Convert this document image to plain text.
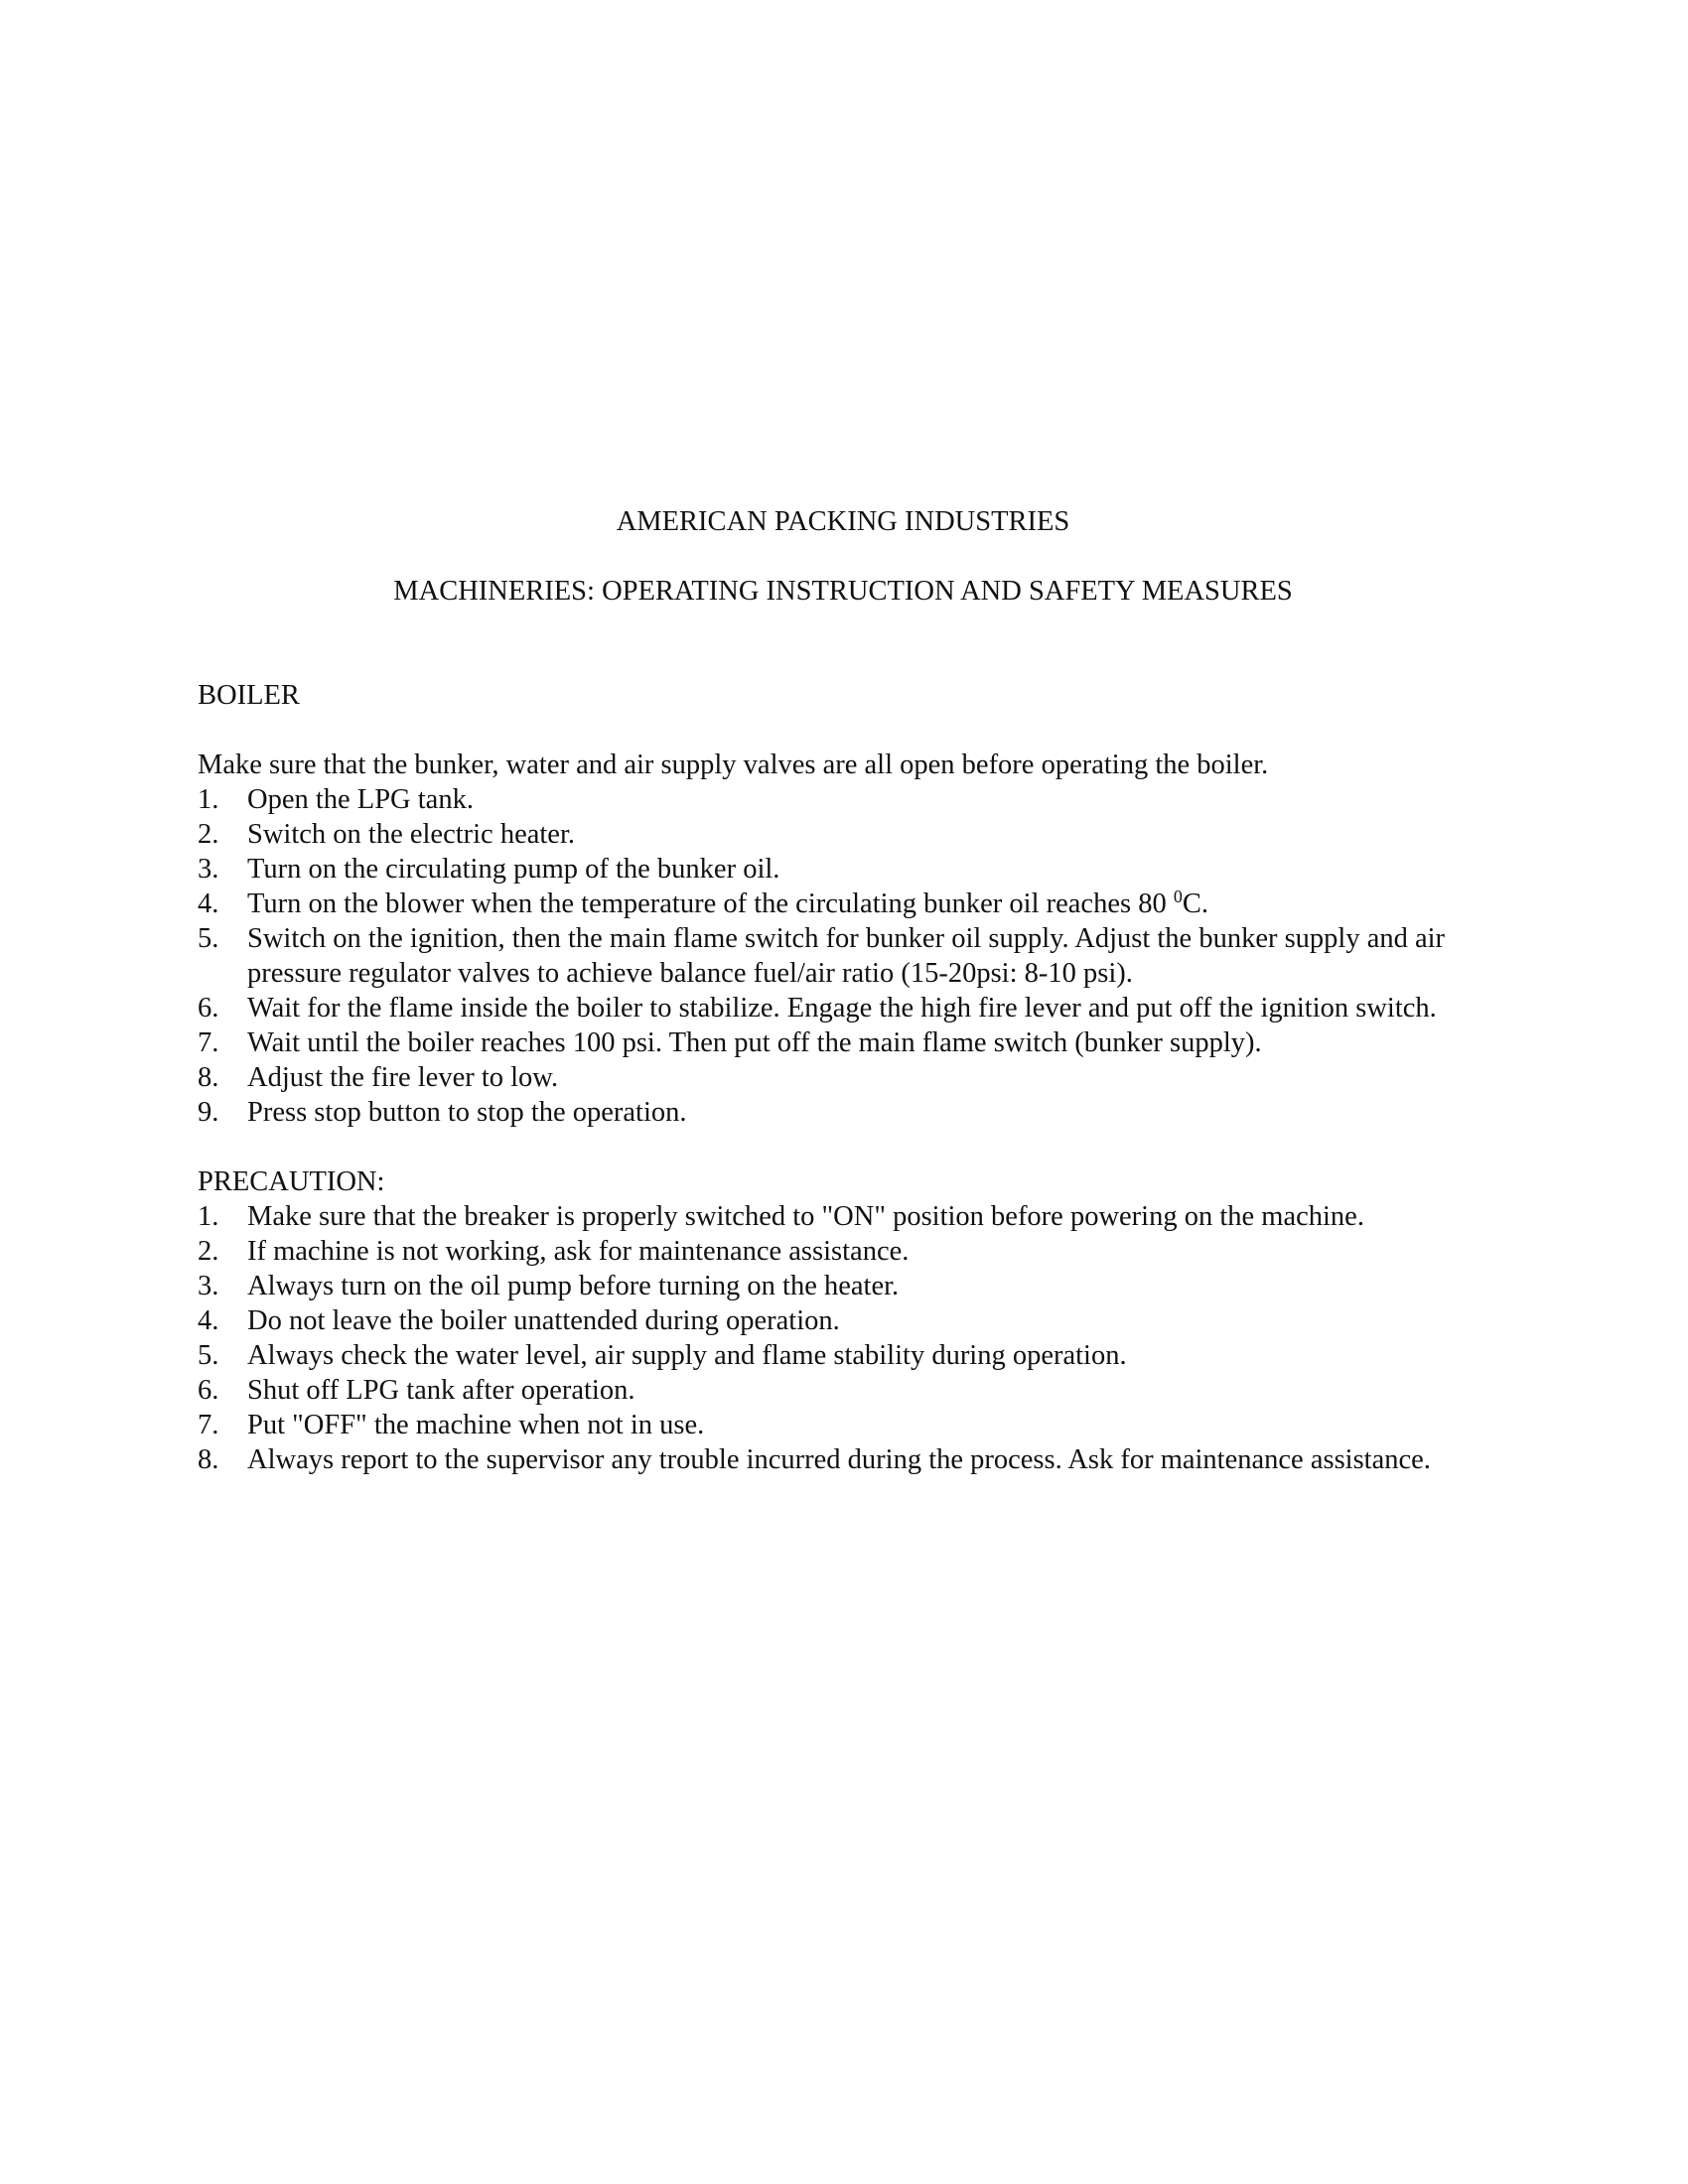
AMERICAN PACKING INDUSTRIES
MACHINERIES: OPERATING INSTRUCTION AND SAFETY MEASURES
BOILER
Make sure that the bunker, water and air supply valves are all open before operating the boiler.
1. Open the LPG tank.
2. Switch on the electric heater.
3. Turn on the circulating pump of the bunker oil.
4. Turn on the blower when the temperature of the circulating bunker oil reaches 80 $^0$C.
5. Switch on the ignition, then the main flame switch for bunker oil supply. Adjust the bunker supply and air pressure regulator valves to achieve balance fuel/air ratio (15-20psi: 8-10 psi).
6. Wait for the flame inside the boiler to stabilize. Engage the high fire lever and put off the ignition switch.
7. Wait until the boiler reaches 100 psi. Then put off the main flame switch (bunker supply).
8. Adjust the fire lever to low.
9. Press stop button to stop the operation.
PRECAUTION:
1. Make sure that the breaker is properly switched to "ON" position before powering on the machine.
2. If machine is not working, ask for maintenance assistance.
3. Always turn on the oil pump before turning on the heater.
4. Do not leave the boiler unattended during operation.
5. Always check the water level, air supply and flame stability during operation.
6. Shut off LPG tank after operation.
7. Put "OFF" the machine when not in use.
8. Always report to the supervisor any trouble incurred during the process. Ask for maintenance assistance.
